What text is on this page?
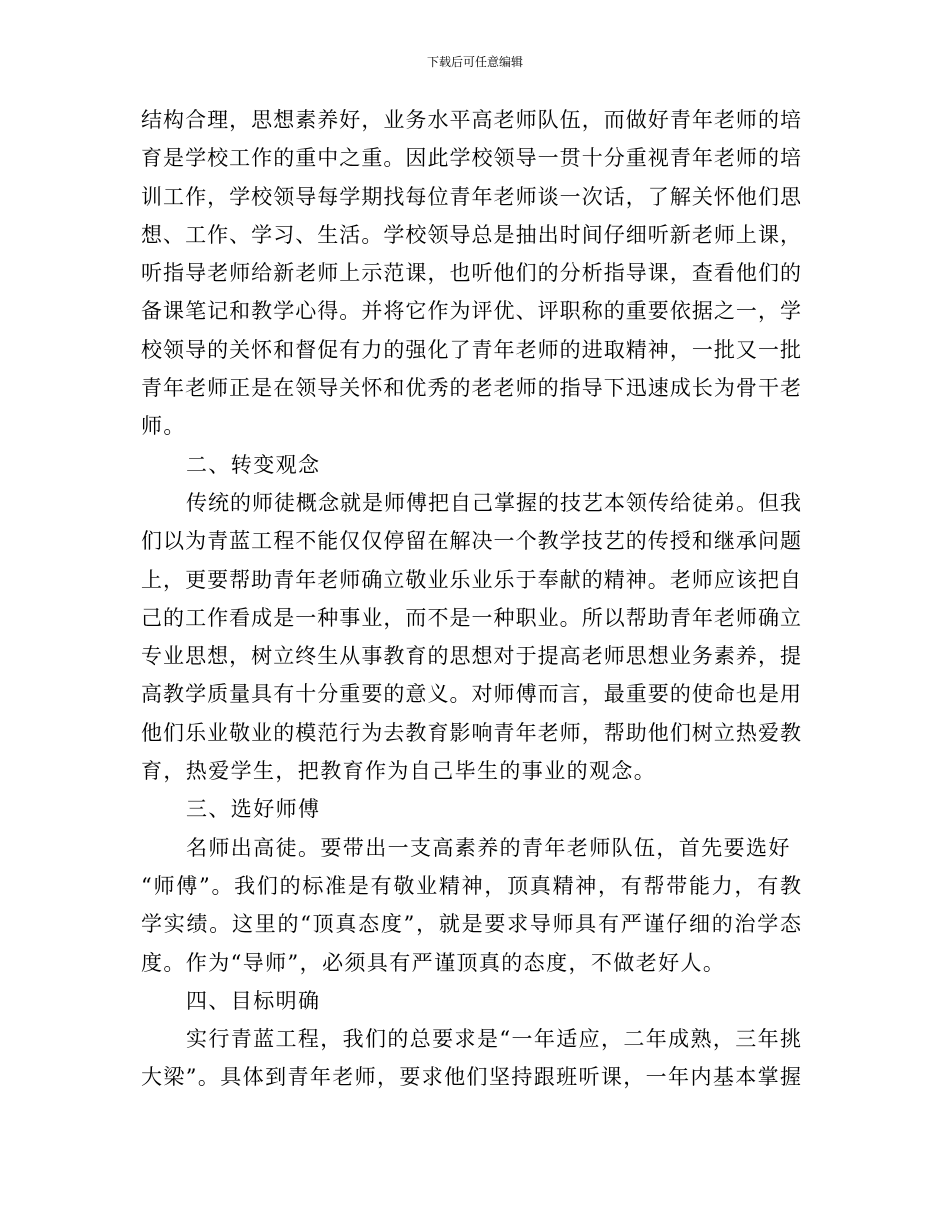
下载后可任意编辑
结构合理，思想素养好，业务水平高老师队伍，而做好青年老师的培
育是学校工作的重中之重。因此学校领导一贯十分重视青年老师的培
训工作，学校领导每学期找每位青年老师谈一次话，了解关怀他们思
想、工作、学习、生活。学校领导总是抽出时间仔细听新老师上课，
听指导老师给新老师上示范课，也听他们的分析指导课，查看他们的
备课笔记和教学心得。并将它作为评优、评职称的重要依据之一，学
校领导的关怀和督促有力的强化了青年老师的进取精神，一批又一批
青年老师正是在领导关怀和优秀的老老师的指导下迅速成长为骨干老
师。
二、转变观念
传统的师徒概念就是师傅把自己掌握的技艺本领传给徒弟。但我
们以为青蓝工程不能仅仅停留在解决一个教学技艺的传授和继承问题
上，更要帮助青年老师确立敬业乐业乐于奉献的精神。老师应该把自
己的工作看成是一种事业，而不是一种职业。所以帮助青年老师确立
专业思想，树立终生从事教育的思想对于提高老师思想业务素养，提
高教学质量具有十分重要的意义。对师傅而言，最重要的使命也是用
他们乐业敬业的模范行为去教育影响青年老师，帮助他们树立热爱教
育，热爱学生，把教育作为自己毕生的事业的观念。
三、选好师傅
名师出高徒。要带出一支高素养的青年老师队伍，首先要选好
“师傅”。我们的标准是有敬业精神，顶真精神，有帮带能力，有教
学实绩。这里的“顶真态度”，就是要求导师具有严谨仔细的治学态
度。作为“导师”，必须具有严谨顶真的态度，不做老好人。
四、目标明确
实行青蓝工程，我们的总要求是“一年适应，二年成熟，三年挑
大梁”。具体到青年老师，要求他们坚持跟班听课，一年内基本掌握
